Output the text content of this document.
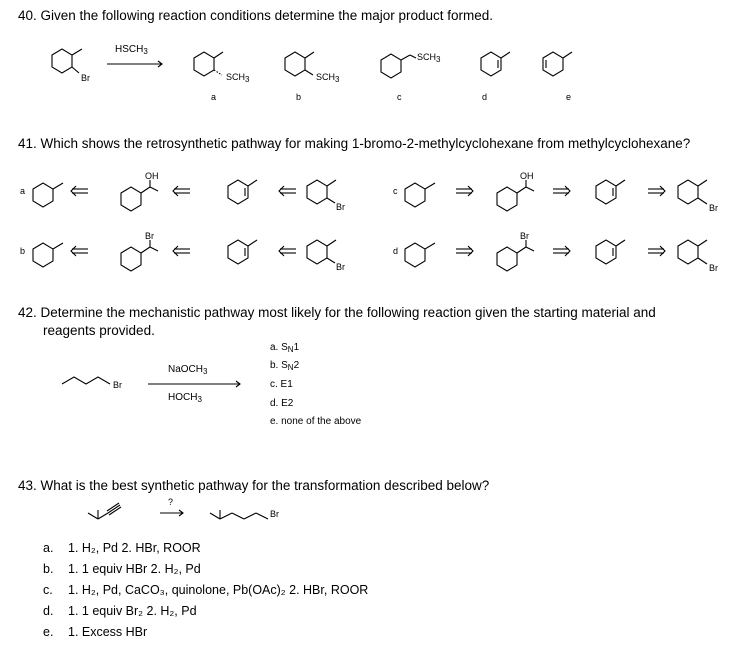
40. Given the following reaction conditions determine the major product formed.
Br
$HSCH_3$
$SCH_3$	$SCH_3$
$SCH_3$
a	b	c	d	e
41. Which shows the retrosynthetic pathway for making 1-bromo-2-methylcyclohexane from methylcyclohexane?
a	c
b	d
OH
Br
OH
Br
Br
Br
Br
Br
42. Determine the mechanistic pathway most likely for the following reaction given the starting material and
reagents provided.
Br
NaOCH$_3$
$HOCH_3$
a. $S_N1$
b. $S_N2$
c. E1
d. E2
e. none of the above
43. What is the best synthetic pathway for the transformation described below?
?
Br
a. 1. H₂, Pd 2. HBr, ROOR
b. 1. 1 equiv HBr 2. H₂, Pd
c. 1. H₂, Pd, CaCO₃, quinolone, Pb(OAc)₂ 2. HBr, ROOR
d. 1. 1 equiv Br₂ 2. H₂, Pd
e. 1. Excess HBr
